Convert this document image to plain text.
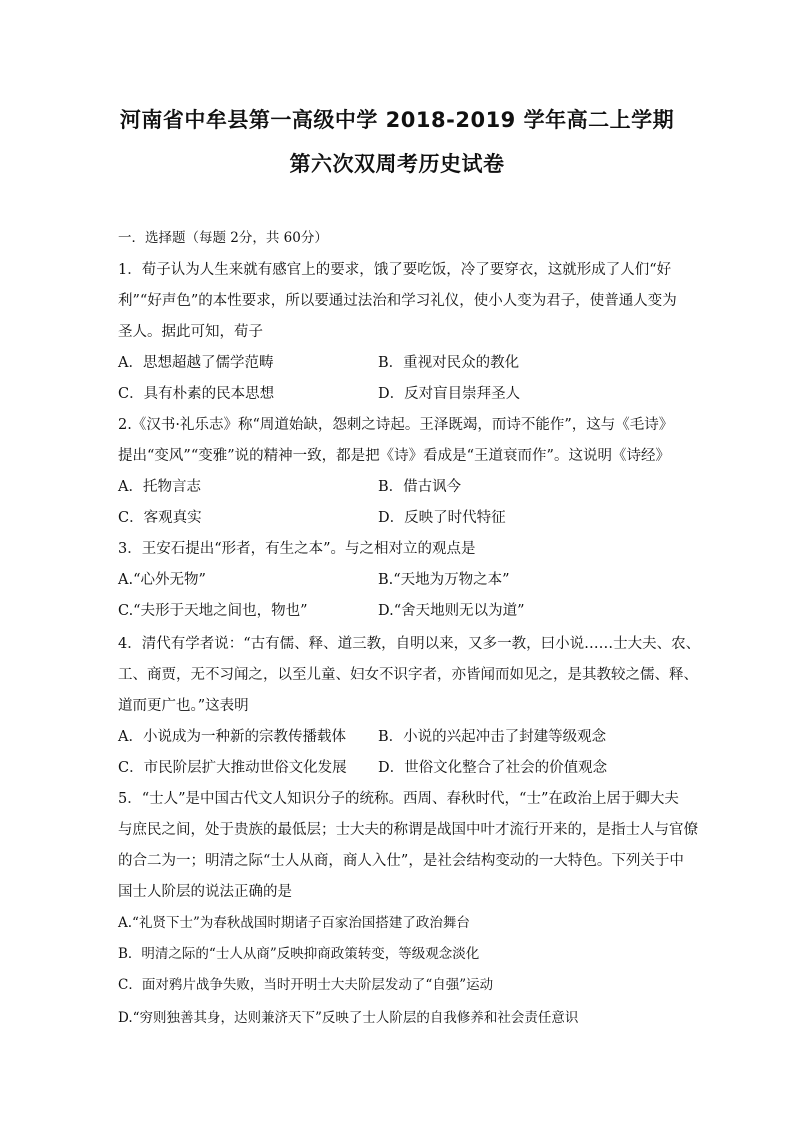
河南省中牟县第一高级中学 2018-2019 学年高二上学期
第六次双周考历史试卷
一．选择题（每题 2分，共 60分）
1．荀子认为人生来就有感官上的要求，饿了要吃饭，冷了要穿衣，这就形成了人们“好
利”“好声色”的本性要求，所以要通过法治和学习礼仪，使小人变为君子，使普通人变为
圣人。据此可知，荀子
A．思想超越了儒学范畴	B．重视对民众的教化
C．具有朴素的民本思想	D．反对盲目崇拜圣人
2.《汉书·礼乐志》称“周道始缺，怨刺之诗起。王泽既竭，而诗不能作”，这与《毛诗》
提出“变风”“变雅”说的精神一致，都是把《诗》看成是“王道衰而作”。这说明《诗经》
A．托物言志	B．借古讽今
C．客观真实	D．反映了时代特征
3．王安石提出“形者，有生之本”。与之相对立的观点是
A.“心外无物”	B.“天地为万物之本”
C.“夫形于天地之间也，物也”	D.“舍天地则无以为道”
4．清代有学者说：“古有儒、释、道三教，自明以来，又多一教，曰小说……士大夫、农、
工、商贾，无不习闻之，以至儿童、妇女不识字者，亦皆闻而如见之，是其教较之儒、释、
道而更广也。”这表明
A．小说成为一种新的宗教传播载体 B．小说的兴起冲击了封建等级观念
C．市民阶层扩大推动世俗文化发展 D．世俗文化整合了社会的价值观念
5．“士人”是中国古代文人知识分子的统称。西周、春秋时代，“士”在政治上居于卿大夫
与庶民之间，处于贵族的最低层；士大夫的称谓是战国中叶才流行开来的，是指士人与官僚
的合二为一；明清之际“士人从商，商人入仕”，是社会结构变动的一大特色。下列关于中
国士人阶层的说法正确的是
A.“礼贤下士”为春秋战国时期诸子百家治国搭建了政治舞台
B．明清之际的“士人从商”反映抑商政策转变，等级观念淡化
C．面对鸦片战争失败，当时开明士大夫阶层发动了“自强”运动
D.“穷则独善其身，达则兼济天下”反映了士人阶层的自我修养和社会责任意识
